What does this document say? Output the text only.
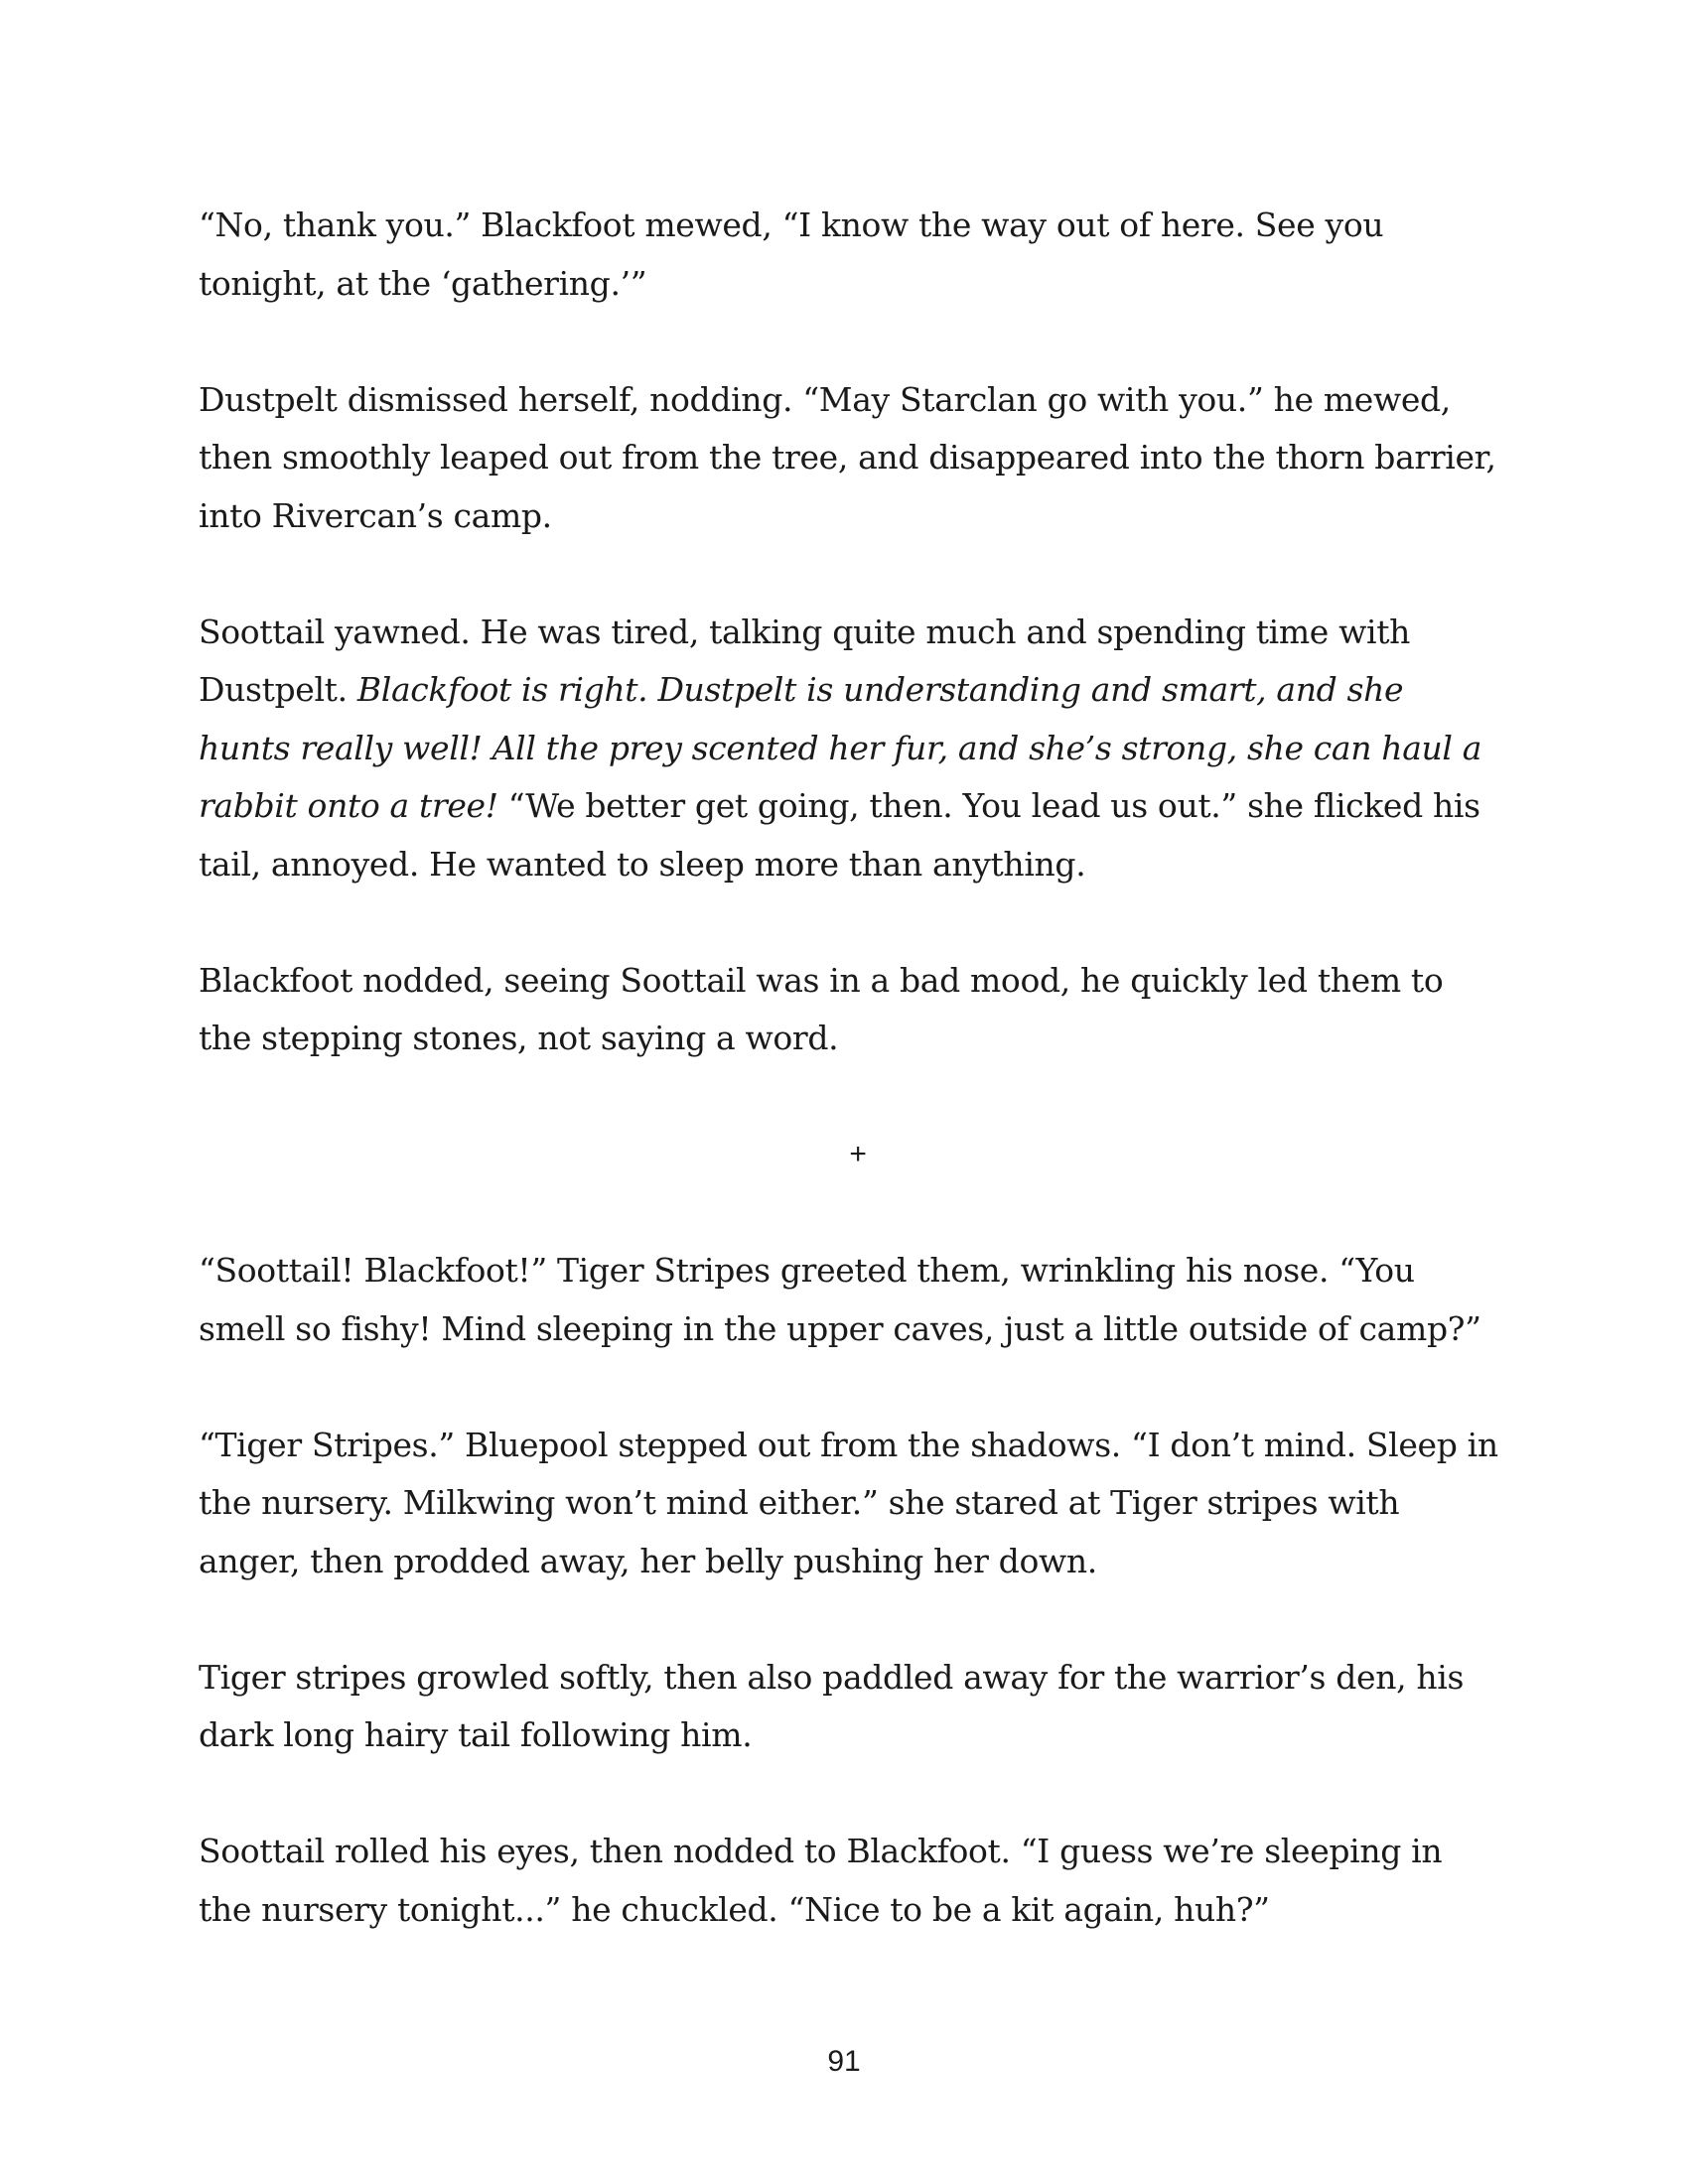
“No, thank you.” Blackfoot mewed, “I know the way out of here. See you tonight, at the ‘gathering.’”

Dustpelt dismissed herself, nodding. “May Starclan go with you.” he mewed, then smoothly leaped out from the tree, and disappeared into the thorn barrier, into Rivercan’s camp.

Soottail yawned. He was tired, talking quite much and spending time with Dustpelt. Blackfoot is right. Dustpelt is understanding and smart, and she hunts really well! All the prey scented her fur, and she’s strong, she can haul a rabbit onto a tree! “We better get going, then. You lead us out.” she flicked his tail, annoyed. He wanted to sleep more than anything.

Blackfoot nodded, seeing Soottail was in a bad mood, he quickly led them to the stepping stones, not saying a word.

+

“Soottail! Blackfoot!” Tiger Stripes greeted them, wrinkling his nose. “You smell so fishy! Mind sleeping in the upper caves, just a little outside of camp?”

“Tiger Stripes.” Bluepool stepped out from the shadows. “I don’t mind. Sleep in the nursery. Milkwing won’t mind either.” she stared at Tiger stripes with anger, then prodded away, her belly pushing her down.

Tiger stripes growled softly, then also paddled away for the warrior’s den, his dark long hairy tail following him.

Soottail rolled his eyes, then nodded to Blackfoot. “I guess we’re sleeping in the nursery tonight...” he chuckled. “Nice to be a kit again, huh?”

91
